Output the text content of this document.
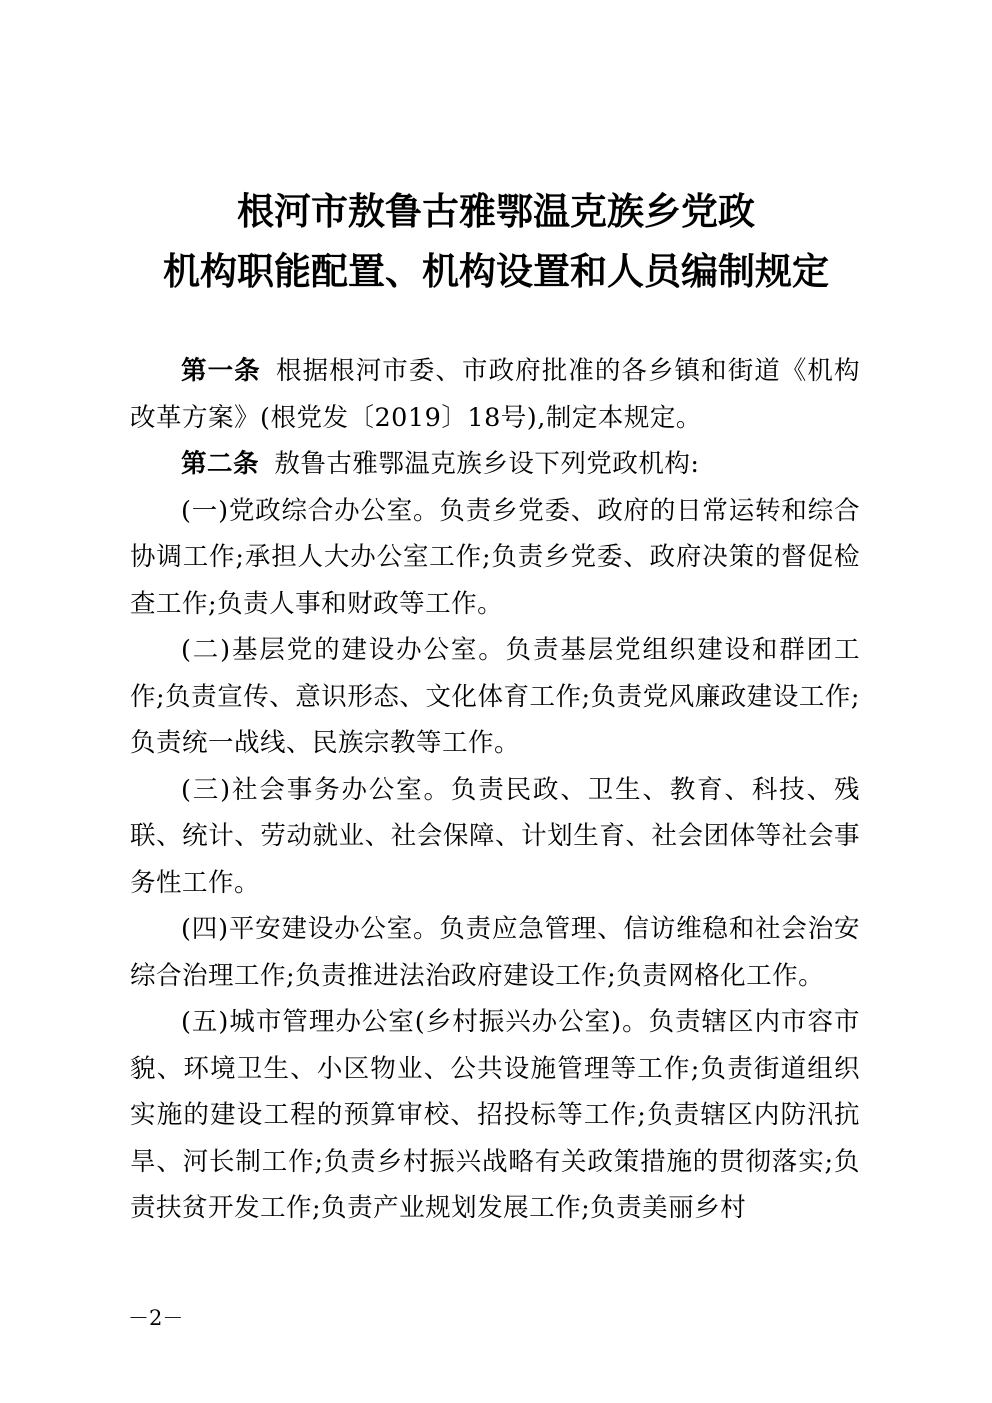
根河市敖鲁古雅鄂温克族乡党政
机构职能配置、机构设置和人员编制规定

第一条 根据根河市委、市政府批准的各乡镇和街道《机构改革方案》(根党发〔2019〕18号),制定本规定。

第二条 敖鲁古雅鄂温克族乡设下列党政机构:

(一)党政综合办公室。负责乡党委、政府的日常运转和综合协调工作;承担人大办公室工作;负责乡党委、政府决策的督促检查工作;负责人事和财政等工作。

(二)基层党的建设办公室。负责基层党组织建设和群团工作;负责宣传、意识形态、文化体育工作;负责党风廉政建设工作;负责统一战线、民族宗教等工作。

(三)社会事务办公室。负责民政、卫生、教育、科技、残联、统计、劳动就业、社会保障、计划生育、社会团体等社会事务性工作。

(四)平安建设办公室。负责应急管理、信访维稳和社会治安综合治理工作;负责推进法治政府建设工作;负责网格化工作。

(五)城市管理办公室(乡村振兴办公室)。负责辖区内市容市貌、环境卫生、小区物业、公共设施管理等工作;负责街道组织实施的建设工程的预算审校、招投标等工作;负责辖区内防汛抗旱、河长制工作;负责乡村振兴战略有关政策措施的贯彻落实;负责扶贫开发工作;负责产业规划发展工作;负责美丽乡村

－2－
